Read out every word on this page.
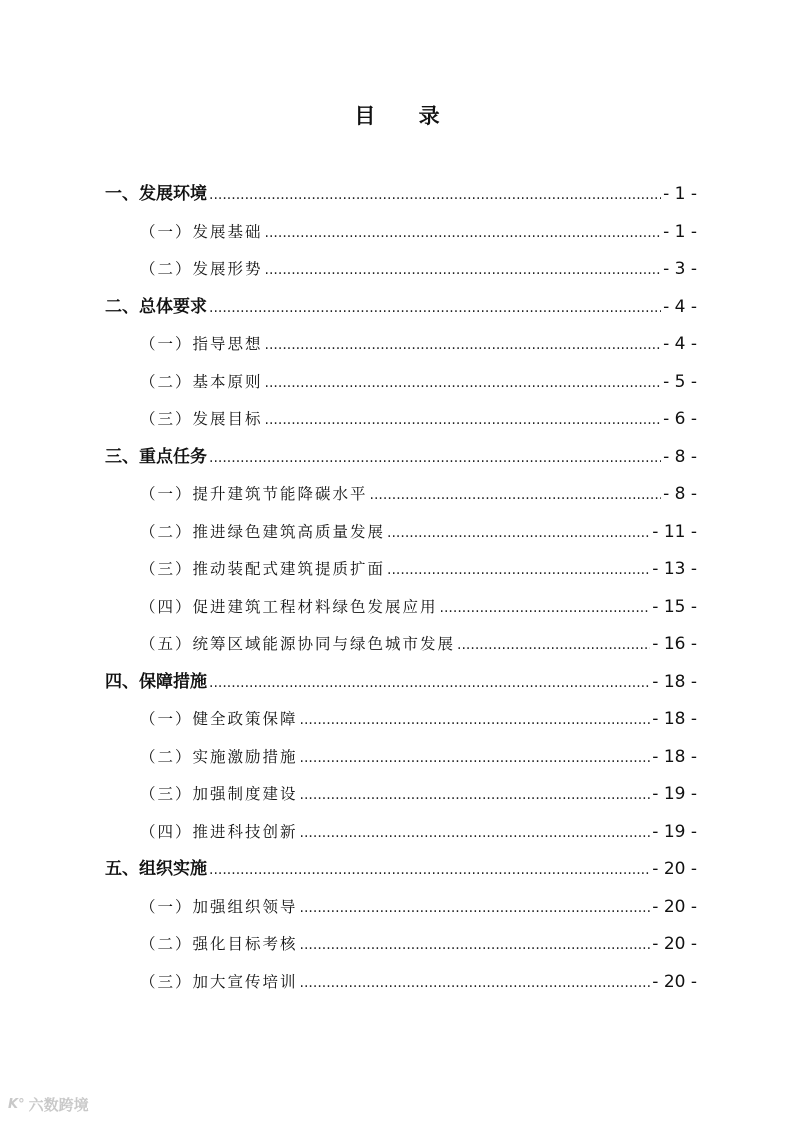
目 录
一、发展环境 .....	- 1 -
（一）发展基础 .....	- 1 -
（二）发展形势 .....	- 3 -
二、总体要求 .....	- 4 -
（一）指导思想 .....	- 4 -
（二）基本原则 .....	- 5 -
（三）发展目标 .....	- 6 -
三、重点任务 .....	- 8 -
（一）提升建筑节能降碳水平 .....	- 8 -
（二）推进绿色建筑高质量发展 .....	- 11 -
（三）推动装配式建筑提质扩面 .....	- 13 -
（四）促进建筑工程材料绿色发展应用 .....	- 15 -
（五）统筹区域能源协同与绿色城市发展 .....	- 16 -
四、保障措施 .....	- 18 -
（一）健全政策保障 .....	- 18 -
（二）实施激励措施 .....	- 18 -
（三）加强制度建设 .....	- 19 -
（四）推进科技创新 .....	- 19 -
五、组织实施 .....	- 20 -
（一）加强组织领导 .....	- 20 -
（二）强化目标考核 .....	- 20 -
（三）加大宣传培训 .....	- 20 -
K° 六数跨境
